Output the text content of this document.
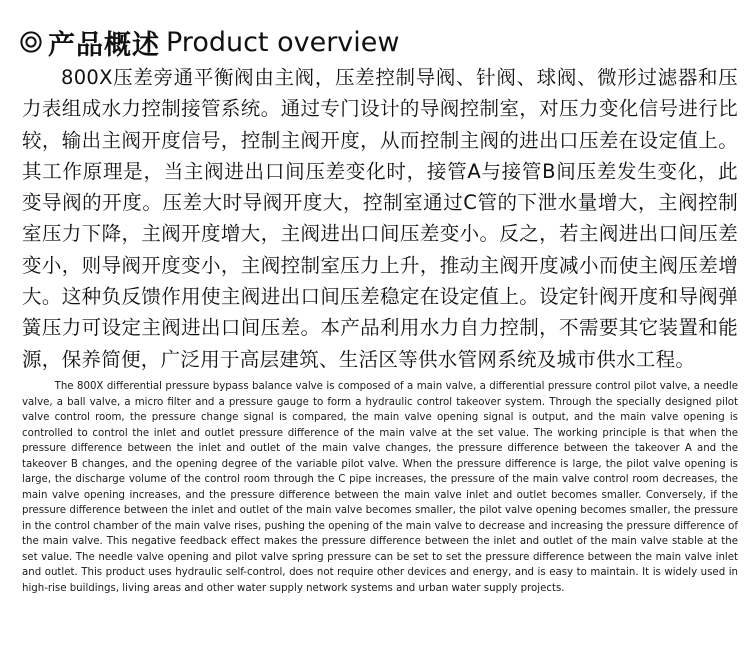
产品概述 Product overview

800X压差旁通平衡阀由主阀，压差控制导阀、针阀、球阀、微形过滤器和压力表组成水力控制接管系统。通过专门设计的导阀控制室，对压力变化信号进行比较，输出主阀开度信号，控制主阀开度，从而控制主阀的进出口压差在设定值上。其工作原理是，当主阀进出口间压差变化时，接管A与接管B间压差发生变化，此变导阀的开度。压差大时导阀开度大，控制室通过C管的下泄水量增大，主阀控制室压力下降，主阀开度增大，主阀进出口间压差变小。反之，若主阀进出口间压差变小，则导阀开度变小，主阀控制室压力上升，推动主阀开度减小而使主阀压差增大。这种负反馈作用使主阀进出口间压差稳定在设定值上。设定针阀开度和导阀弹簧压力可设定主阀进出口间压差。本产品利用水力自力控制，不需要其它装置和能源，保养简便，广泛用于高层建筑、生活区等供水管网系统及城市供水工程。

The 800X differential pressure bypass balance valve is composed of a main valve, a differential pressure control pilot valve, a needle valve, a ball valve, a micro filter and a pressure gauge to form a hydraulic control takeover system. Through the specially designed pilot valve control room, the pressure change signal is compared, the main valve opening signal is output, and the main valve opening is controlled to control the inlet and outlet pressure difference of the main valve at the set value. The working principle is that when the pressure difference between the inlet and outlet of the main valve changes, the pressure difference between the takeover A and the takeover B changes, and the opening degree of the variable pilot valve. When the pressure difference is large, the pilot valve opening is large, the discharge volume of the control room through the C pipe increases, the pressure of the main valve control room decreases, the main valve opening increases, and the pressure difference between the main valve inlet and outlet becomes smaller. Conversely, if the pressure difference between the inlet and outlet of the main valve becomes smaller, the pilot valve opening becomes smaller, the pressure in the control chamber of the main valve rises, pushing the opening of the main valve to decrease and increasing the pressure difference of the main valve. This negative feedback effect makes the pressure difference between the inlet and outlet of the main valve stable at the set value. The needle valve opening and pilot valve spring pressure can be set to set the pressure difference between the main valve inlet and outlet. This product uses hydraulic self-control, does not require other devices and energy, and is easy to maintain. It is widely used in high-rise buildings, living areas and other water supply network systems and urban water supply projects.
